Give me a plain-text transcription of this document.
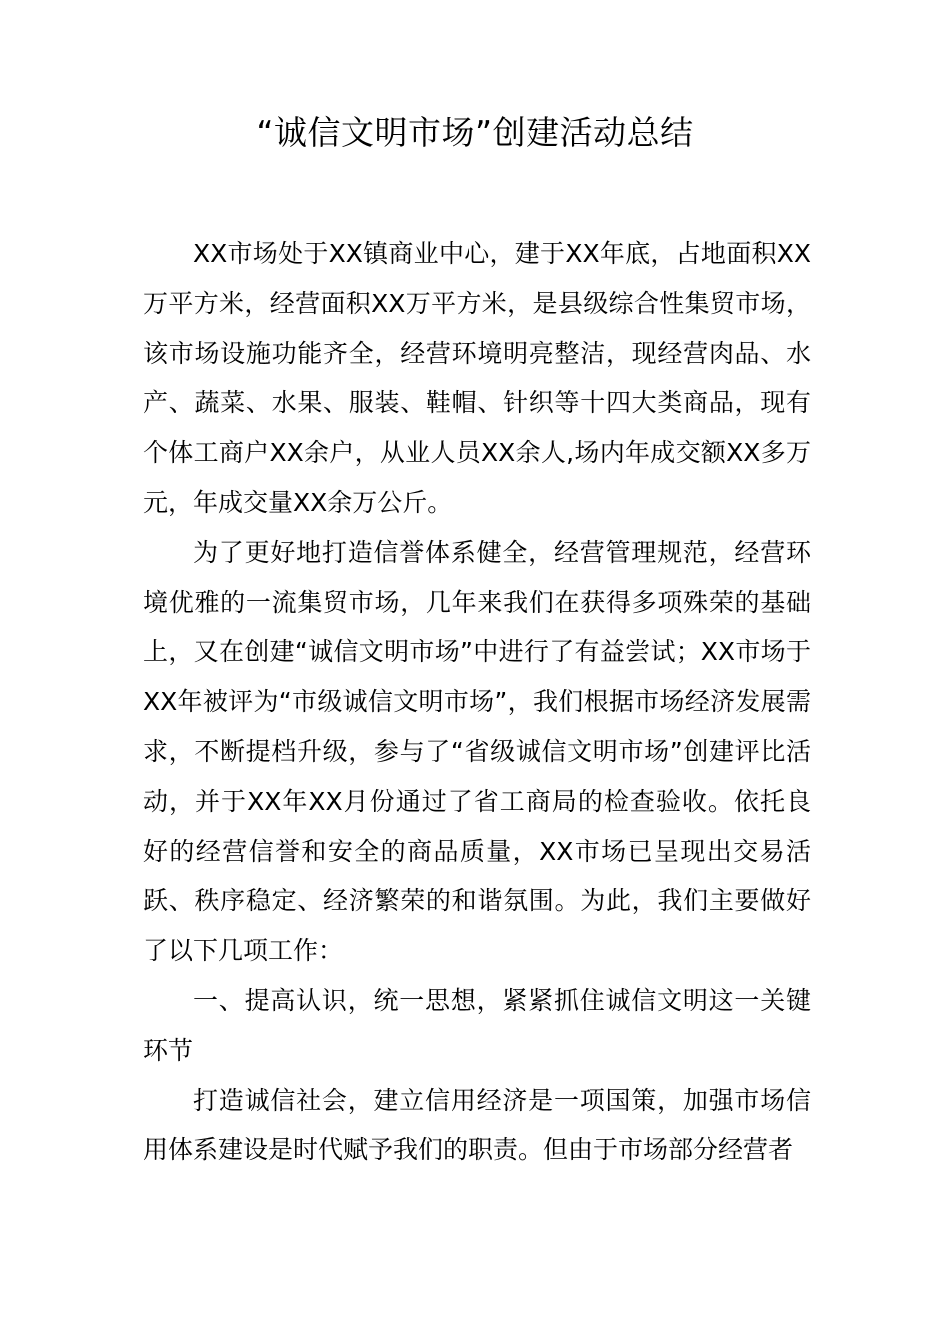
“诚信文明市场”创建活动总结

XX市场处于XX镇商业中心，建于XX年底，占地面积XX万平方米，经营面积XX万平方米，是县级综合性集贸市场，该市场设施功能齐全，经营环境明亮整洁，现经营肉品、水产、蔬菜、水果、服装、鞋帽、针织等十四大类商品，现有个体工商户XX余户，从业人员XX余人,场内年成交额XX多万元，年成交量XX余万公斤。

为了更好地打造信誉体系健全，经营管理规范，经营环境优雅的一流集贸市场，几年来我们在获得多项殊荣的基础上，又在创建“诚信文明市场”中进行了有益尝试；XX市场于XX年被评为“市级诚信文明市场”，我们根据市场经济发展需求，不断提档升级，参与了“省级诚信文明市场”创建评比活动，并于XX年XX月份通过了省工商局的检查验收。依托良好的经营信誉和安全的商品质量，XX市场已呈现出交易活跃、秩序稳定、经济繁荣的和谐氛围。为此，我们主要做好了以下几项工作：

一、提高认识，统一思想，紧紧抓住诚信文明这一关键环节

打造诚信社会，建立信用经济是一项国策，加强市场信用体系建设是时代赋予我们的职责。但由于市场部分经营者
